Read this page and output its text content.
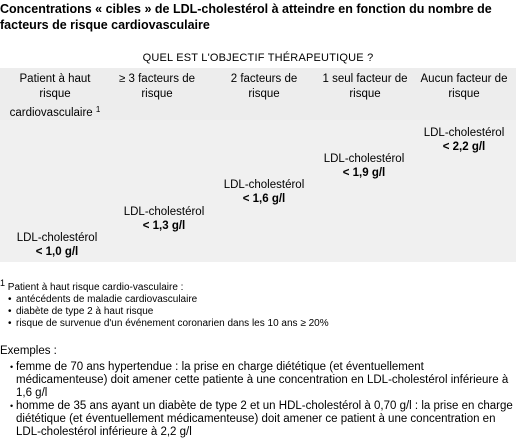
Concentrations « cibles » de LDL-cholestérol à atteindre en fonction du nombre de facteurs de risque cardiovasculaire
QUEL EST L'OBJECTIF THÉRAPEUTIQUE ?
Patient à haut risque cardiovasculaire $^1$
≥ 3 facteurs de risque
2 facteurs de risque
1 seul facteur de risque
Aucun facteur de risque
LDL-cholestérol
< 1,0 g/l
LDL-cholestérol
< 1,3 g/l
LDL-cholestérol
< 1,6 g/l
LDL-cholestérol
< 1,9 g/l
LDL-cholestérol
< 2,2 g/l
1 Patient à haut risque cardio-vasculaire :
• antécédents de maladie cardiovasculaire
• diabète de type 2 à haut risque
• risque de survenue d'un événement coronarien dans les 10 ans ≥ 20%
Exemples :
• femme de 70 ans hypertendue : la prise en charge diététique (et éventuellement médicamenteuse) doit amener cette patiente à une concentration en LDL-cholestérol inférieure à 1,6 g/l
• homme de 35 ans ayant un diabète de type 2 et un HDL-cholestérol à 0,70 g/l : la prise en charge diététique (et éventuellement médicamenteuse) doit amener ce patient à une concentration en LDL-cholestérol inférieure à 2,2 g/l
